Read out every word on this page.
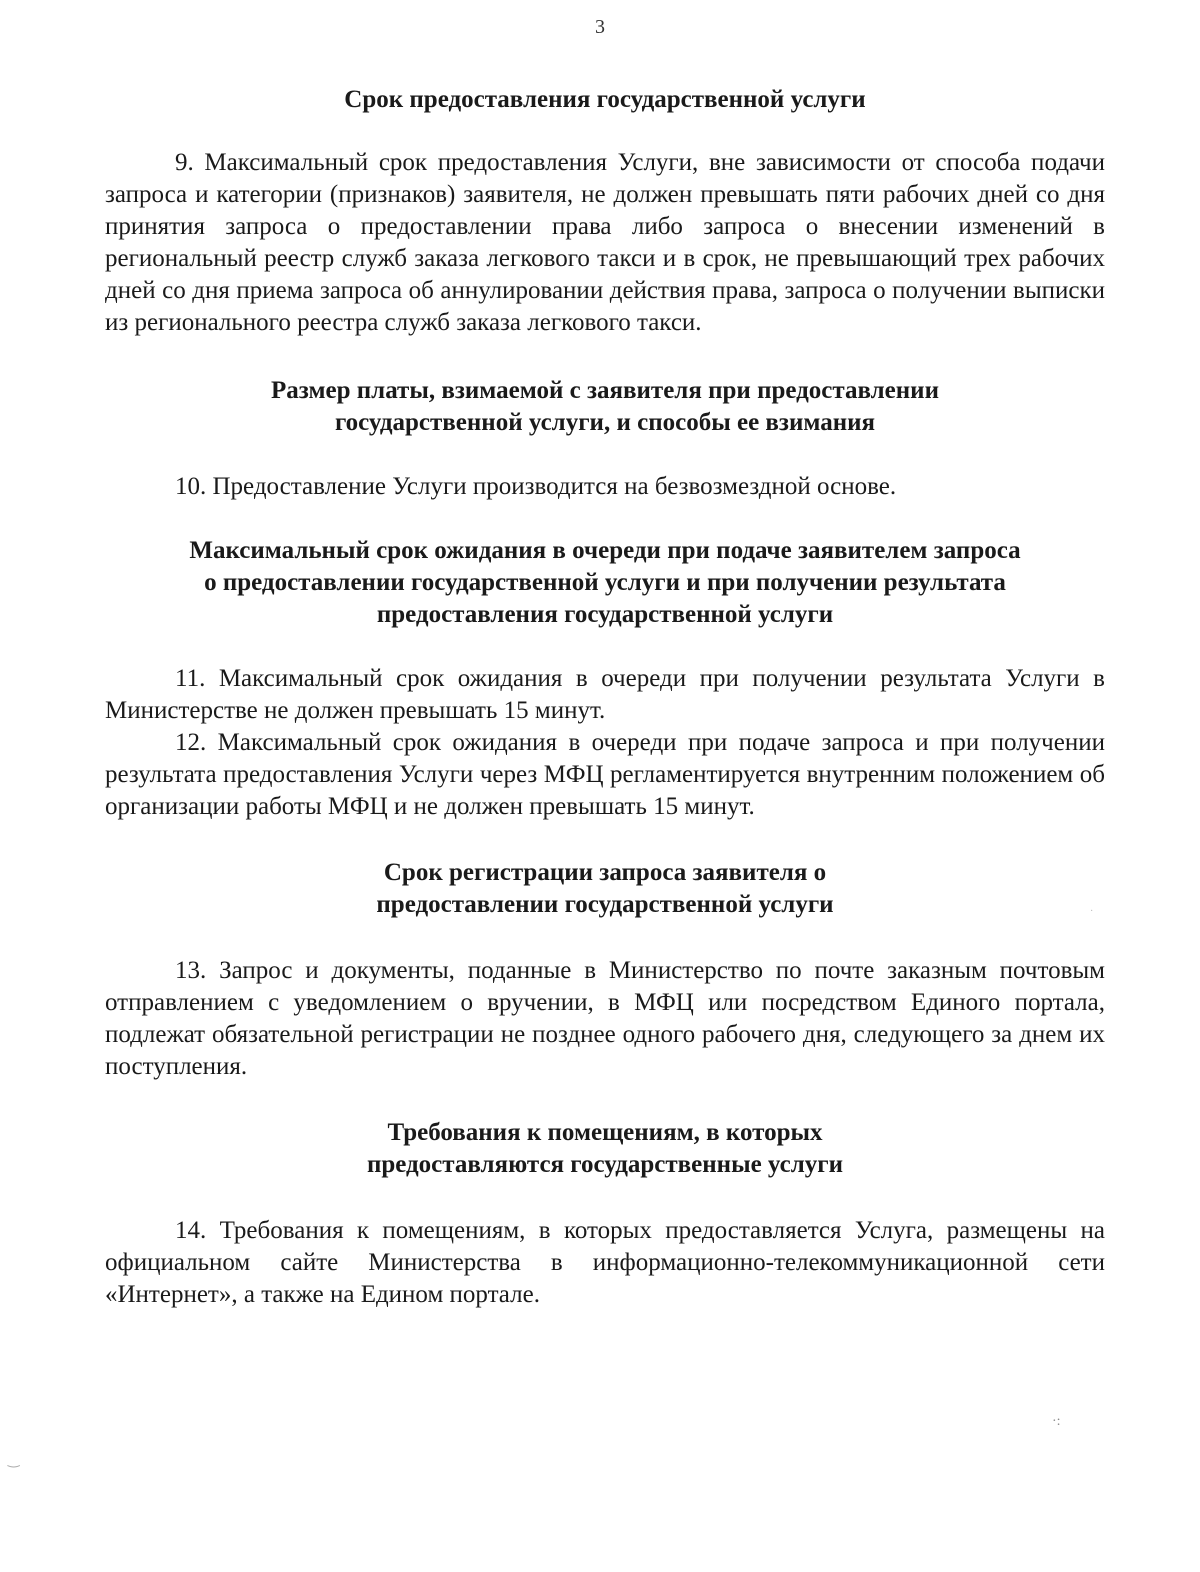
3
Срок предоставления государственной услуги

9. Максимальный срок предоставления Услуги, вне зависимости от способа подачи запроса и категории (признаков) заявителя, не должен превышать пяти рабочих дней со дня принятия запроса о предоставлении права либо запроса о внесении изменений в региональный реестр служб заказа легкового такси и в срок, не превышающий трех рабочих дней со дня приема запроса об аннулировании действия права, запроса о получении выписки из регионального реестра служб заказа легкового такси.

Размер платы, взимаемой с заявителя при предоставлении
государственной услуги, и способы ее взимания

10. Предоставление Услуги производится на безвозмездной основе.

Максимальный срок ожидания в очереди при подаче заявителем запроса
о предоставлении государственной услуги и при получении результата
предоставления государственной услуги

11. Максимальный срок ожидания в очереди при получении результата Услуги в Министерстве не должен превышать 15 минут.

12. Максимальный срок ожидания в очереди при подаче запроса и при получении результата предоставления Услуги через МФЦ регламентируется внутренним положением об организации работы МФЦ и не должен превышать 15 минут.

Срок регистрации запроса заявителя о
предоставлении государственной услуги

13. Запрос и документы, поданные в Министерство по почте заказным почтовым отправлением с уведомлением о вручении, в МФЦ или посредством Единого портала, подлежат обязательной регистрации не позднее одного рабочего дня, следующего за днем их поступления.

Требования к помещениям, в которых
предоставляются государственные услуги

14. Требования к помещениям, в которых предоставляется Услуга, размещены на официальном сайте Министерства в информационно-телекоммуникационной сети «Интернет», а также на Едином портале.

·:
‿
·
